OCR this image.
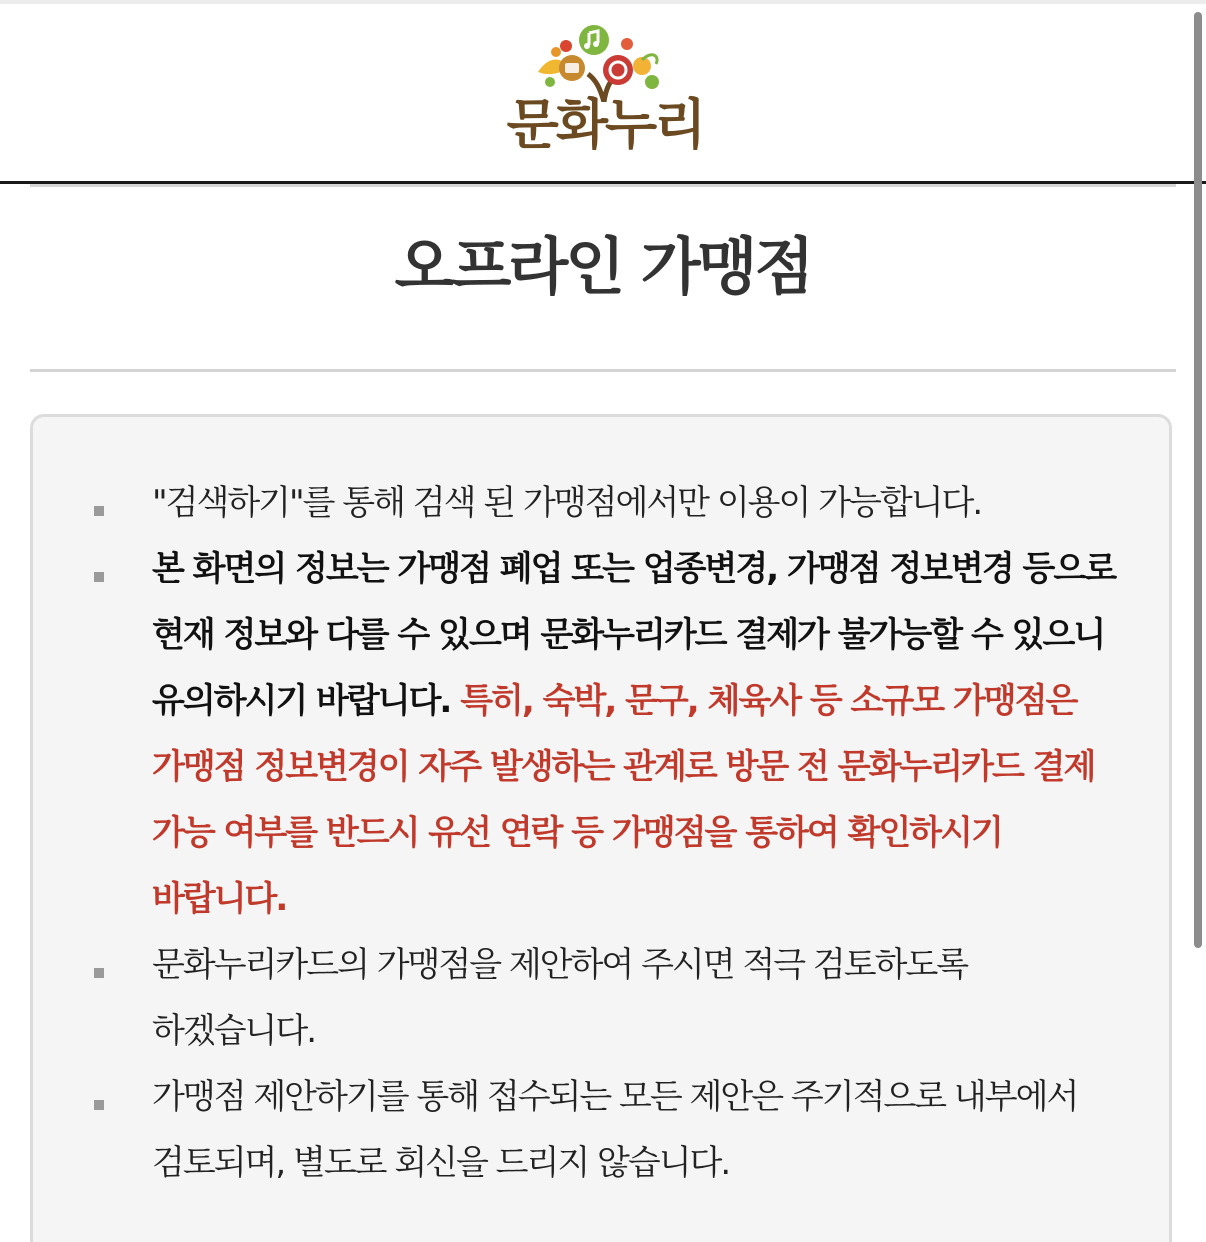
문화누리
오프라인 가맹점
"검색하기"를 통해 검색 된 가맹점에서만 이용이 가능합니다.
본 화면의 정보는 가맹점 폐업 또는 업종변경, 가맹점 정보변경 등으로 현재 정보와 다를 수 있으며 문화누리카드 결제가 불가능할 수 있으니 유의하시기 바랍니다. 특히, 숙박, 문구, 체육사 등 소규모 가맹점은 가맹점 정보변경이 자주 발생하는 관계로 방문 전 문화누리카드 결제 가능 여부를 반드시 유선 연락 등 가맹점을 통하여 확인하시기 바랍니다.
문화누리카드의 가맹점을 제안하여 주시면 적극 검토하도록 하겠습니다.
가맹점 제안하기를 통해 접수되는 모든 제안은 주기적으로 내부에서 검토되며, 별도로 회신을 드리지 않습니다.
